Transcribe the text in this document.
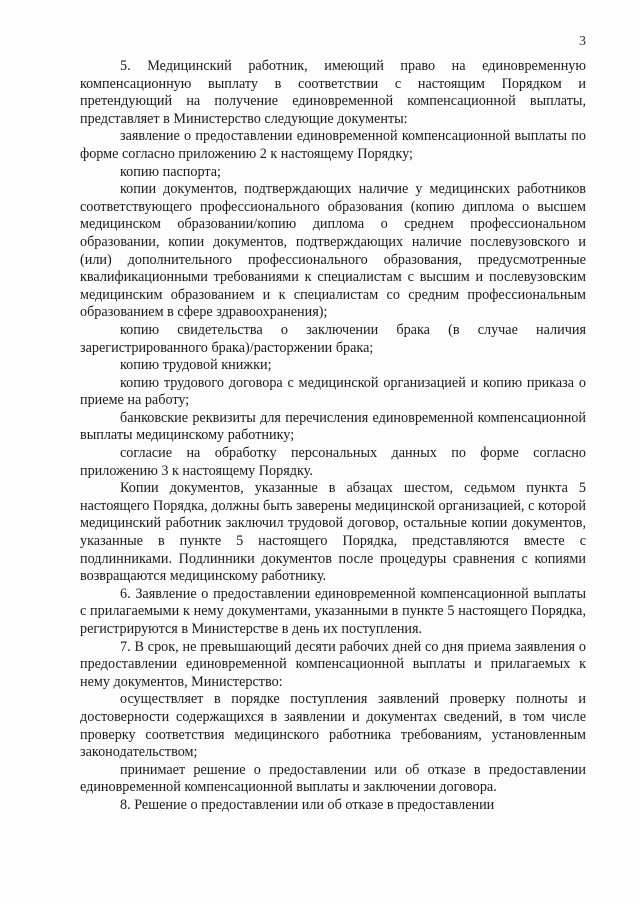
3

5. Медицинский работник, имеющий право на единовременную компенсационную выплату в соответствии с настоящим Порядком и претендующий на получение единовременной компенсационной выплаты, представляет в Министерство следующие документы:

заявление о предоставлении единовременной компенсационной выплаты по форме согласно приложению 2 к настоящему Порядку;

копию паспорта;

копии документов, подтверждающих наличие у медицинских работников соответствующего профессионального образования (копию диплома о высшем медицинском образовании/копию диплома о среднем профессиональном образовании, копии документов, подтверждающих наличие послевузовского и (или) дополнительного профессионального образования, предусмотренные квалификационными требованиями к специалистам с высшим и послевузовским медицинским образованием и к специалистам со средним профессиональным образованием в сфере здравоохранения);

копию свидетельства о заключении брака (в случае наличия зарегистрированного брака)/расторжении брака;

копию трудовой книжки;

копию трудового договора с медицинской организацией и копию приказа о приеме на работу;

банковские реквизиты для перечисления единовременной компенсационной выплаты медицинскому работнику;

согласие на обработку персональных данных по форме согласно приложению 3 к настоящему Порядку.

Копии документов, указанные в абзацах шестом, седьмом пункта 5 настоящего Порядка, должны быть заверены медицинской организацией, с которой медицинский работник заключил трудовой договор, остальные копии документов, указанные в пункте 5 настоящего Порядка, представляются вместе с подлинниками. Подлинники документов после процедуры сравнения с копиями возвращаются медицинскому работнику.

6. Заявление о предоставлении единовременной компенсационной выплаты с прилагаемыми к нему документами, указанными в пункте 5 настоящего Порядка, регистрируются в Министерстве в день их поступления.

7. В срок, не превышающий десяти рабочих дней со дня приема заявления о предоставлении единовременной компенсационной выплаты и прилагаемых к нему документов, Министерство:

осуществляет в порядке поступления заявлений проверку полноты и достоверности содержащихся в заявлении и документах сведений, в том числе проверку соответствия медицинского работника требованиям, установленным законодательством;

принимает решение о предоставлении или об отказе в предоставлении единовременной компенсационной выплаты и заключении договора.

8. Решение о предоставлении или об отказе в предоставлении
